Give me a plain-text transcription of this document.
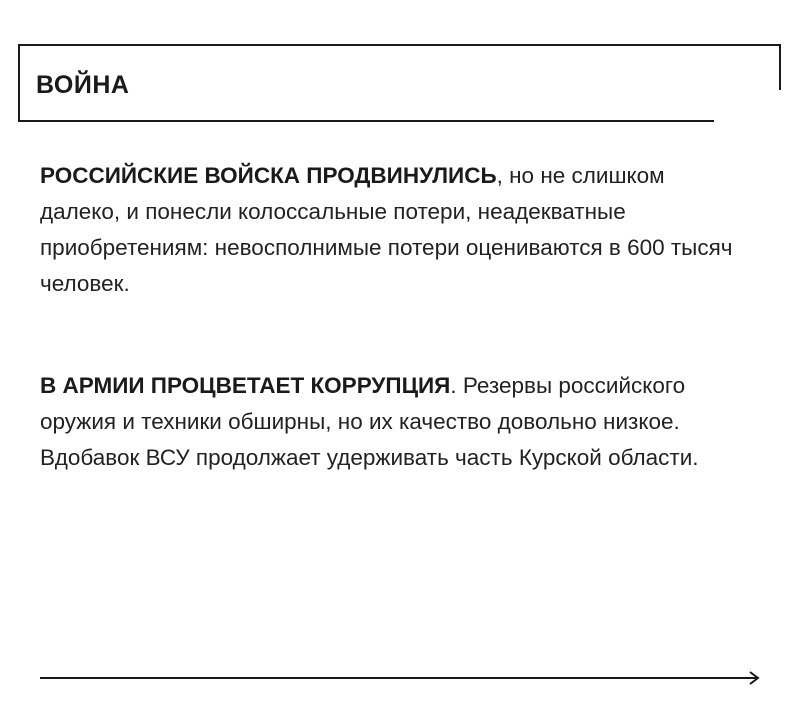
ВОЙНА
РОССИЙСКИЕ ВОЙСКА ПРОДВИНУЛИСЬ, но не слишком далеко, и понесли колоссальные потери, неадекватные приобретениям: невосполнимые потери оцениваются в 600 тысяч человек.
В АРМИИ ПРОЦВЕТАЕТ КОРРУПЦИЯ. Резервы российского оружия и техники обширны, но их качество довольно низкое. Вдобавок ВСУ продолжает удерживать часть Курской области.
